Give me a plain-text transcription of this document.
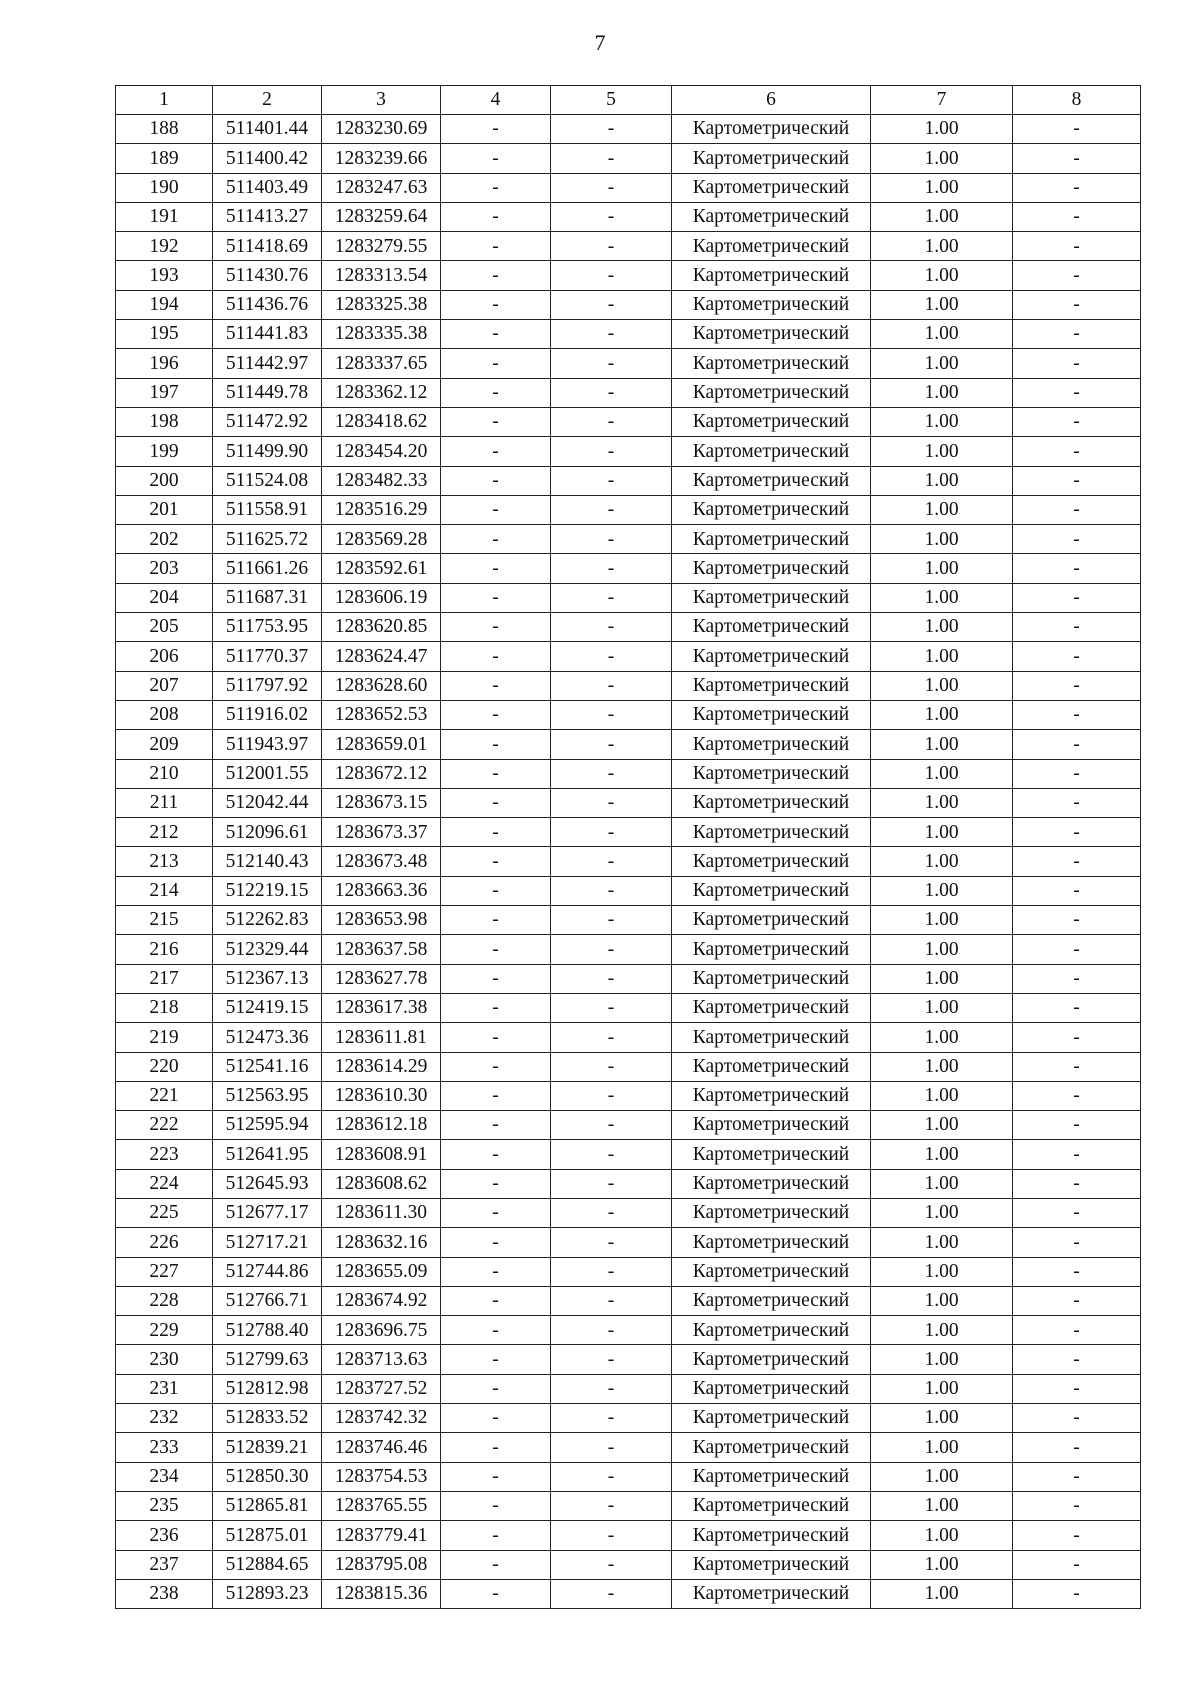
7
1	2	3	4	5	6	7	8
188	511401.44	1283230.69	-	-	Картометрический	1.00	-
189	511400.42	1283239.66	-	-	Картометрический	1.00	-
190	511403.49	1283247.63	-	-	Картометрический	1.00	-
191	511413.27	1283259.64	-	-	Картометрический	1.00	-
192	511418.69	1283279.55	-	-	Картометрический	1.00	-
193	511430.76	1283313.54	-	-	Картометрический	1.00	-
194	511436.76	1283325.38	-	-	Картометрический	1.00	-
195	511441.83	1283335.38	-	-	Картометрический	1.00	-
196	511442.97	1283337.65	-	-	Картометрический	1.00	-
197	511449.78	1283362.12	-	-	Картометрический	1.00	-
198	511472.92	1283418.62	-	-	Картометрический	1.00	-
199	511499.90	1283454.20	-	-	Картометрический	1.00	-
200	511524.08	1283482.33	-	-	Картометрический	1.00	-
201	511558.91	1283516.29	-	-	Картометрический	1.00	-
202	511625.72	1283569.28	-	-	Картометрический	1.00	-
203	511661.26	1283592.61	-	-	Картометрический	1.00	-
204	511687.31	1283606.19	-	-	Картометрический	1.00	-
205	511753.95	1283620.85	-	-	Картометрический	1.00	-
206	511770.37	1283624.47	-	-	Картометрический	1.00	-
207	511797.92	1283628.60	-	-	Картометрический	1.00	-
208	511916.02	1283652.53	-	-	Картометрический	1.00	-
209	511943.97	1283659.01	-	-	Картометрический	1.00	-
210	512001.55	1283672.12	-	-	Картометрический	1.00	-
211	512042.44	1283673.15	-	-	Картометрический	1.00	-
212	512096.61	1283673.37	-	-	Картометрический	1.00	-
213	512140.43	1283673.48	-	-	Картометрический	1.00	-
214	512219.15	1283663.36	-	-	Картометрический	1.00	-
215	512262.83	1283653.98	-	-	Картометрический	1.00	-
216	512329.44	1283637.58	-	-	Картометрический	1.00	-
217	512367.13	1283627.78	-	-	Картометрический	1.00	-
218	512419.15	1283617.38	-	-	Картометрический	1.00	-
219	512473.36	1283611.81	-	-	Картометрический	1.00	-
220	512541.16	1283614.29	-	-	Картометрический	1.00	-
221	512563.95	1283610.30	-	-	Картометрический	1.00	-
222	512595.94	1283612.18	-	-	Картометрический	1.00	-
223	512641.95	1283608.91	-	-	Картометрический	1.00	-
224	512645.93	1283608.62	-	-	Картометрический	1.00	-
225	512677.17	1283611.30	-	-	Картометрический	1.00	-
226	512717.21	1283632.16	-	-	Картометрический	1.00	-
227	512744.86	1283655.09	-	-	Картометрический	1.00	-
228	512766.71	1283674.92	-	-	Картометрический	1.00	-
229	512788.40	1283696.75	-	-	Картометрический	1.00	-
230	512799.63	1283713.63	-	-	Картометрический	1.00	-
231	512812.98	1283727.52	-	-	Картометрический	1.00	-
232	512833.52	1283742.32	-	-	Картометрический	1.00	-
233	512839.21	1283746.46	-	-	Картометрический	1.00	-
234	512850.30	1283754.53	-	-	Картометрический	1.00	-
235	512865.81	1283765.55	-	-	Картометрический	1.00	-
236	512875.01	1283779.41	-	-	Картометрический	1.00	-
237	512884.65	1283795.08	-	-	Картометрический	1.00	-
238	512893.23	1283815.36	-	-	Картометрический	1.00	-
